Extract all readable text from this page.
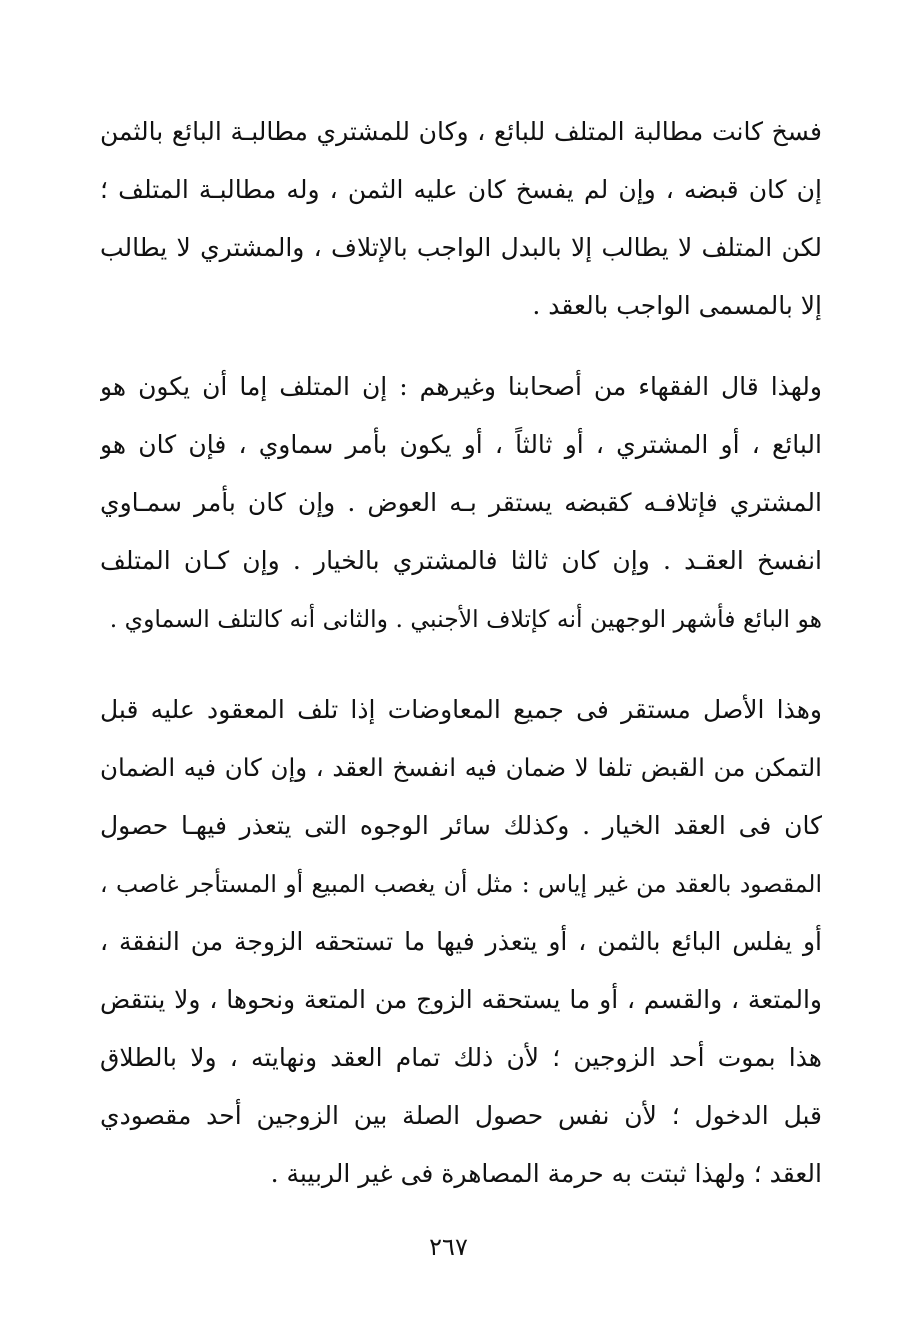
فسخ كانت مطالبة المتلف للبائع ، وكان للمشتري مطالبـة البائع بالثمن
إن كان قبضه ، وإن لم يفسخ كان عليه الثمن ، وله مطالبـة المتلف ؛
لكن المتلف لا يطالب إلا بالبدل الواجب بالإتلاف ، والمشتري لا يطالب
إلا بالمسمى الواجب بالعقد .
ولهذا قال الفقهاء من أصحابنا وغيرهم : إن المتلف إما أن يكون هو
البائع ، أو المشتري ، أو ثالثاً ، أو يكون بأمر سماوي ، فإن كان هو
المشتري فإتلافـه كقبضه يستقر بـه العوض . وإن كان بأمر سمـاوي
انفسخ العقـد . وإن كان ثالثا فالمشتري بالخيار . وإن كـان المتلف
هو البائع فأشهر الوجهين أنه كإتلاف الأجنبي . والثانى أنه كالتلف السماوي .
وهذا الأصل مستقر فى جميع المعاوضات إذا تلف المعقود عليه قبل
التمكن من القبض تلفا لا ضمان فيه انفسخ العقد ، وإن كان فيه الضمان
كان فى العقد الخيار . وكذلك سائر الوجوه التى يتعذر فيهـا حصول
المقصود بالعقد من غير إياس : مثل أن يغصب المبيع أو المستأجر غاصب ،
أو يفلس البائع بالثمن ، أو يتعذر فيها ما تستحقه الزوجة من النفقة ،
والمتعة ، والقسم ، أو ما يستحقه الزوج من المتعة ونحوها ، ولا ينتقض
هذا بموت أحد الزوجين ؛ لأن ذلك تمام العقد ونهايته ، ولا بالطلاق
قبل الدخول ؛ لأن نفس حصول الصلة بين الزوجين أحد مقصودي
العقد ؛ ولهذا ثبتت به حرمة المصاهرة فى غير الربيبة .
٢٦٧
